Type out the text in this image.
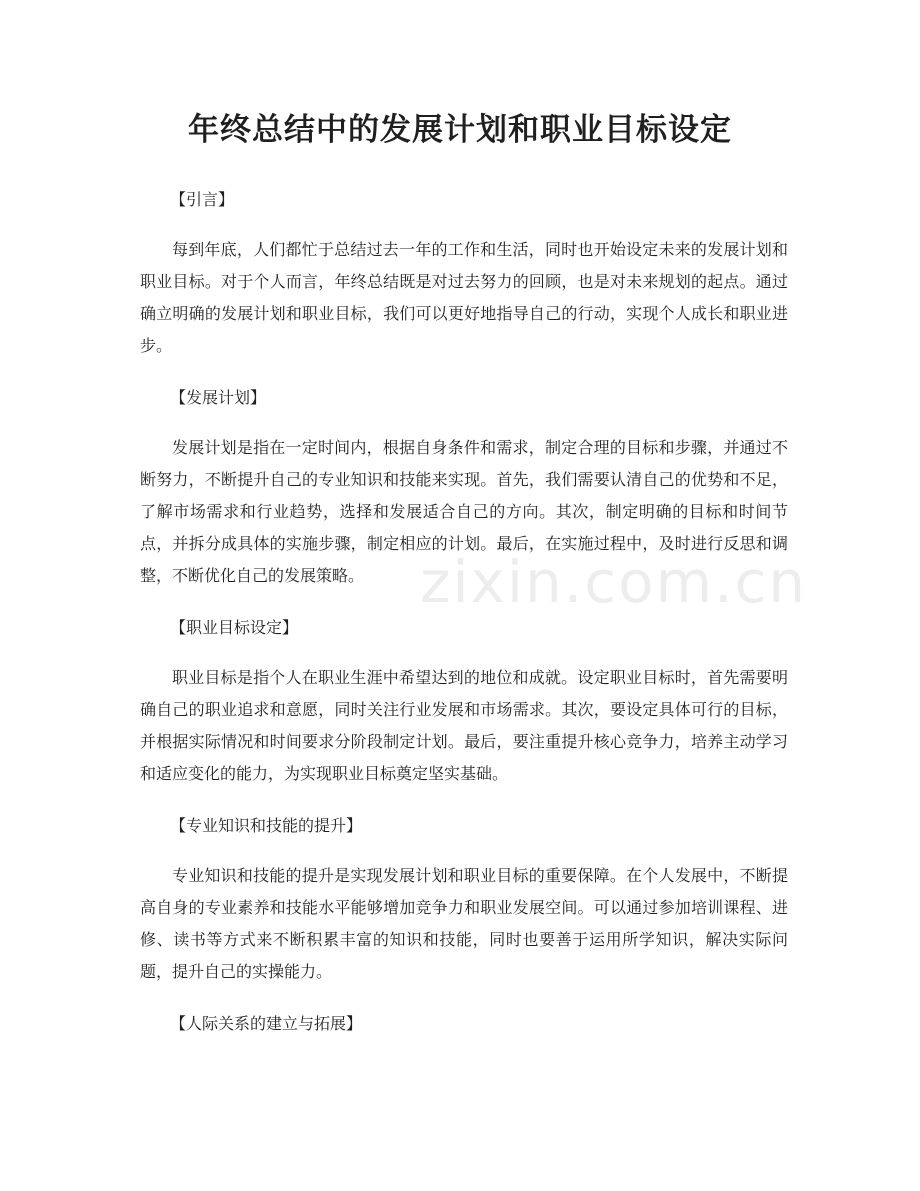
年终总结中的发展计划和职业目标设定
zixin.com.cn

【引言】

每到年底，人们都忙于总结过去一年的工作和生活，同时也开始设定未来的发展计划和职业目标。对于个人而言，年终总结既是对过去努力的回顾，也是对未来规划的起点。通过确立明确的发展计划和职业目标，我们可以更好地指导自己的行动，实现个人成长和职业进步。

【发展计划】

发展计划是指在一定时间内，根据自身条件和需求，制定合理的目标和步骤，并通过不断努力，不断提升自己的专业知识和技能来实现。首先，我们需要认清自己的优势和不足，了解市场需求和行业趋势，选择和发展适合自己的方向。其次，制定明确的目标和时间节点，并拆分成具体的实施步骤，制定相应的计划。最后，在实施过程中，及时进行反思和调整，不断优化自己的发展策略。

【职业目标设定】

职业目标是指个人在职业生涯中希望达到的地位和成就。设定职业目标时，首先需要明确自己的职业追求和意愿，同时关注行业发展和市场需求。其次，要设定具体可行的目标，并根据实际情况和时间要求分阶段制定计划。最后，要注重提升核心竞争力，培养主动学习和适应变化的能力，为实现职业目标奠定坚实基础。

【专业知识和技能的提升】

专业知识和技能的提升是实现发展计划和职业目标的重要保障。在个人发展中，不断提高自身的专业素养和技能水平能够增加竞争力和职业发展空间。可以通过参加培训课程、进修、读书等方式来不断积累丰富的知识和技能，同时也要善于运用所学知识，解决实际问题，提升自己的实操能力。

【人际关系的建立与拓展】
